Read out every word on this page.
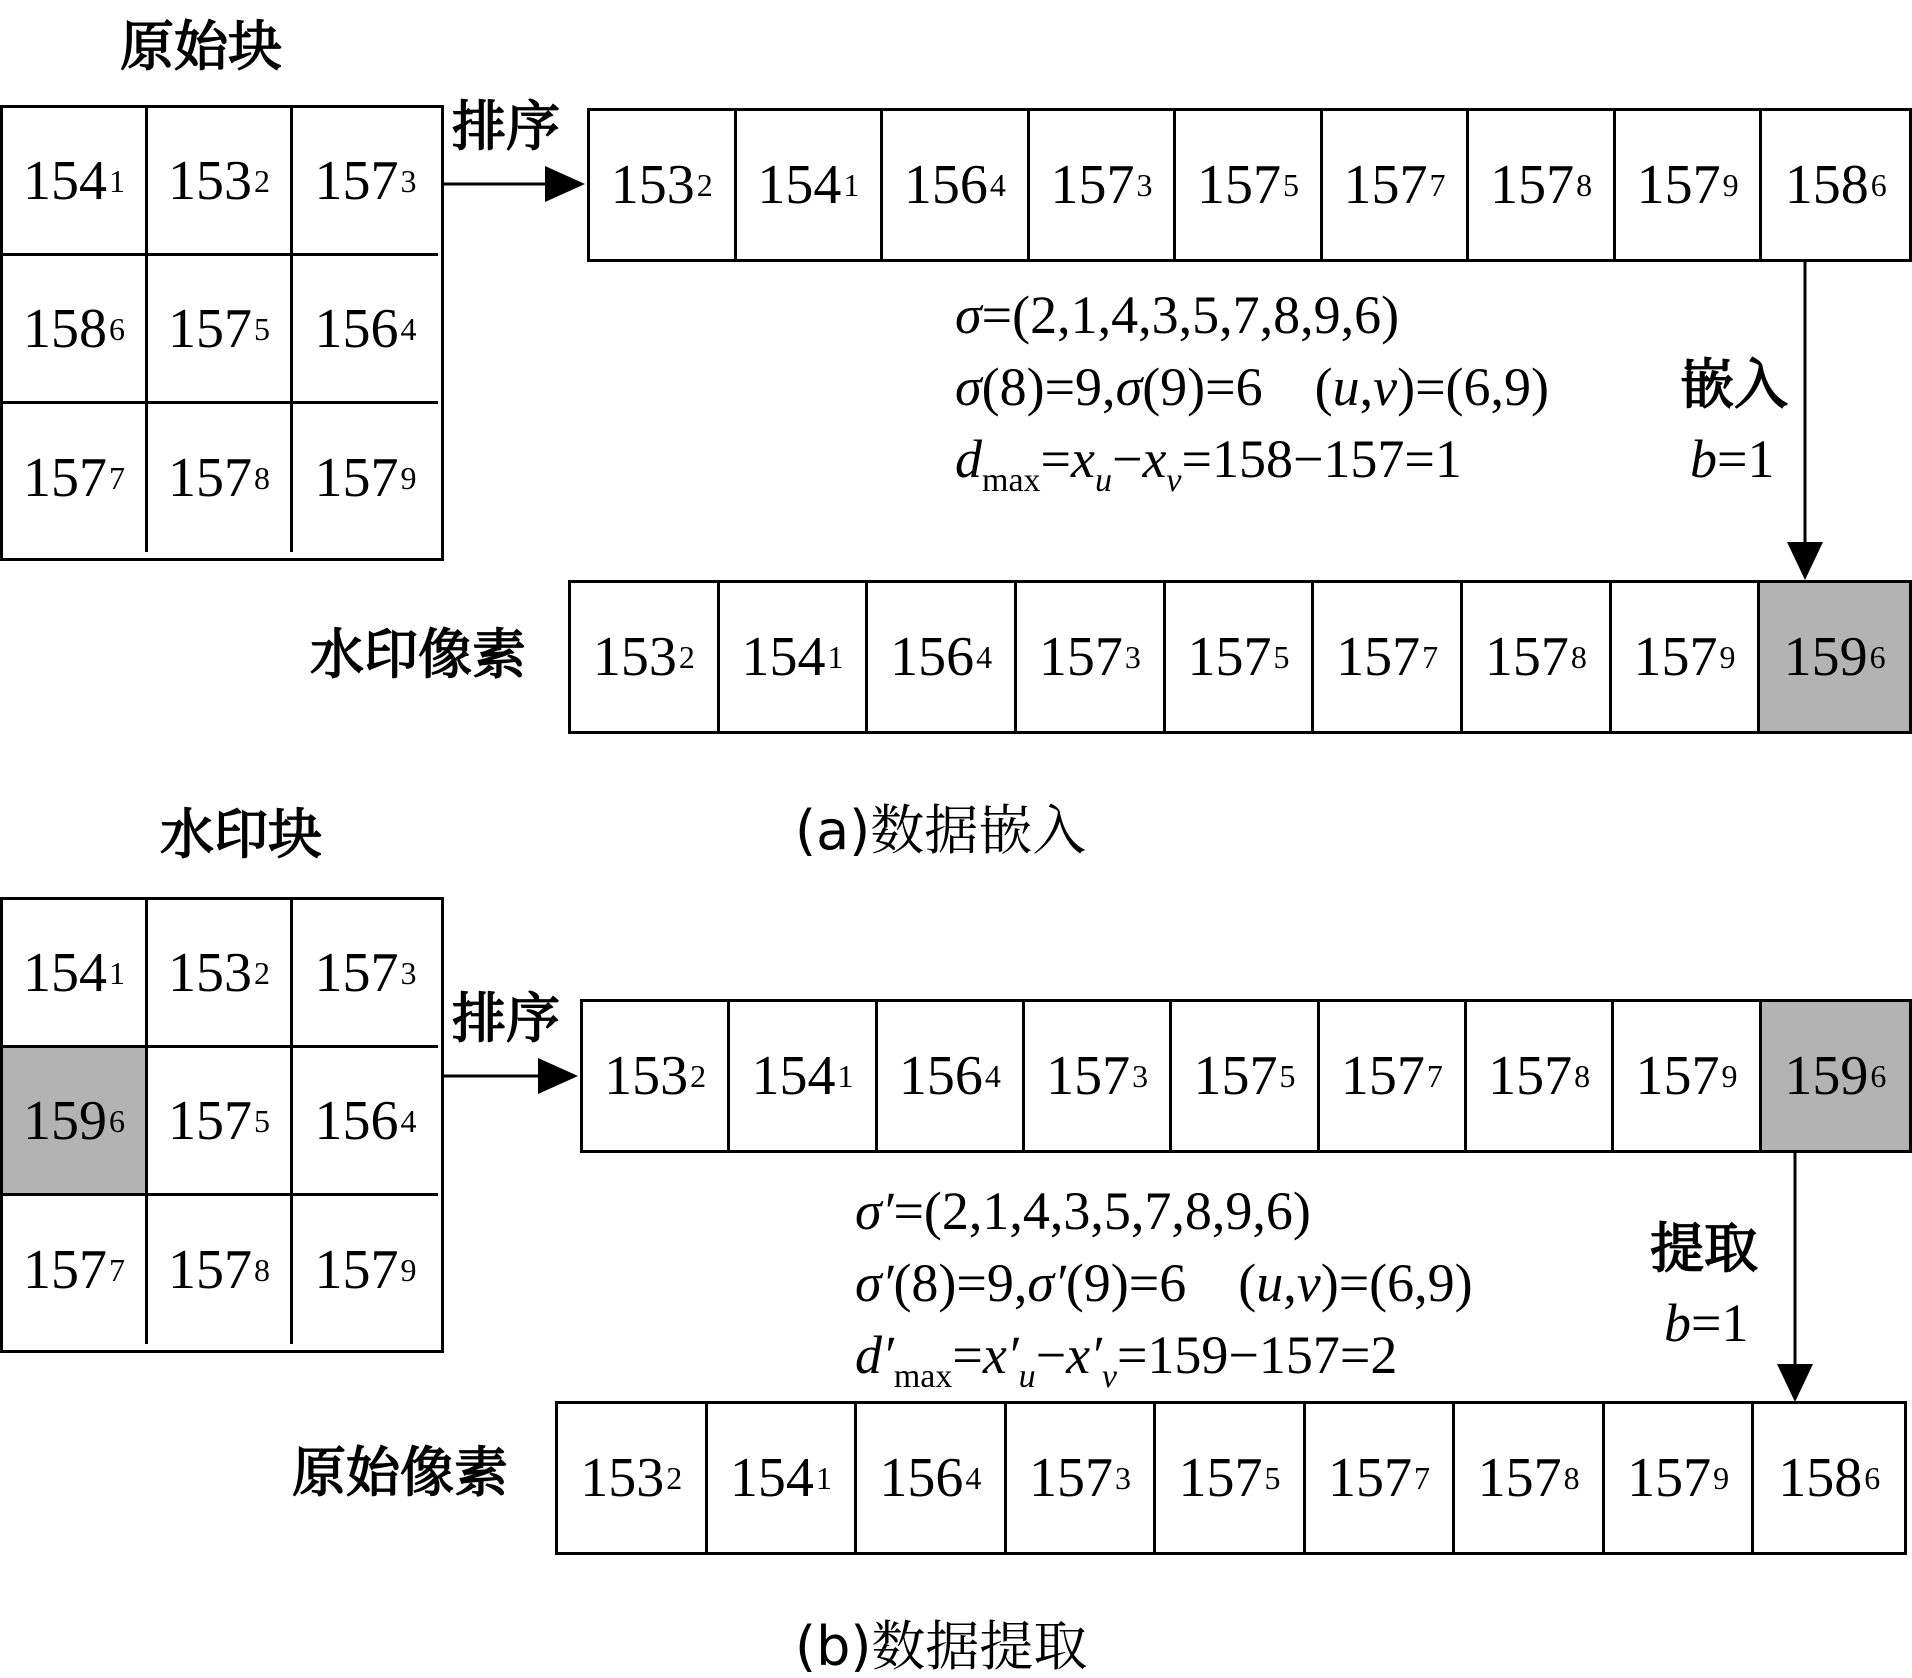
原始块
154 1 153 2 157 3
158 6 157 5 156 4
157 7 157 8 157 9
排序
153 2 154 1 156 4 157 3 157 5 157 7 157 8 157 9 158 6
σ=(2,1,4,3,5,7,8,9,6)
σ(8)=9,σ(9)=6 (u,v)=(6,9)
$d_{max}=x_u-x_v=158-157=1$
嵌入
b=1
水印像素 153 2 154 1 156 4 157 3 157 5 157 7 157 8 157 9 159 6
(a)数据嵌入
水印块
154 1 153 2 157 3
159 6 157 5 156 4
157 7 157 8 157 9
排序
153 2 154 1 156 4 157 3 157 5 157 7 157 8 157 9 159 6
σ′=(2,1,4,3,5,7,8,9,6)
σ′(8)=9,σ′(9)=6 (u,v)=(6,9)
$d'_{max}=x'_u-x'_v=159-157=2$
提取
b=1
原始像素 153 2 154 1 156 4 157 3 157 5 157 7 157 8 157 9 158 6
(b)数据提取
